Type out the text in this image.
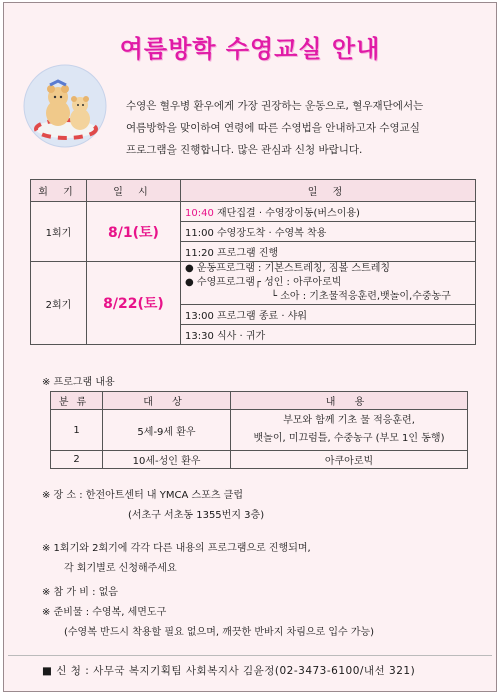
여름방학 수영교실 안내
수영은 혈우병 환우에게 가장 권장하는 운동으로, 혈우재단에서는
여름방학을 맞이하여 연령에 따른 수영법을 안내하고자 수영교실
프로그램을 진행합니다. 많은 관심과 신청 바랍니다.
회 기	일 시	일 정
1회기	8/1(토)	10:40 재단집결 · 수영장이동(버스이용)
		11:00 수영장도착 · 수영복 착용
		11:20 프로그램 진행
2회기	8/22(토)	● 운동프로그램 : 기본스트레칭, 짐볼 스트레칭
● 수영프로그램┌ 성인 : 아쿠아로빅
└ 소아 : 기초물적응훈련,뱃놀이,수중농구

		13:00 프로그램 종료 · 샤워
		13:30 식사 · 귀가
※ 프로그램 내용
분류	대 상	내 용
1	5세-9세 환우	부모와 함께 기초 물 적응훈련,
뱃놀이, 미끄럼틀, 수중농구 (부모 1인 동행)

2	10세-성인 환우	아쿠아로빅
※ 장 소 : 한전아트센터 내 YMCA 스포츠 클럽
(서초구 서초동 1355번지 3층)
※ 1회기와 2회기에 각각 다른 내용의 프로그램으로 진행되며,
각 회기별로 신청해주세요
※ 참 가 비 : 없음
※ 준비물 : 수영복, 세면도구
(수영복 반드시 착용할 필요 없으며, 깨끗한 반바지 차림으로 입수 가능)
■ 신 청 : 사무국 복지기획팀 사회복지사 김윤정(02-3473-6100/내선 321)
